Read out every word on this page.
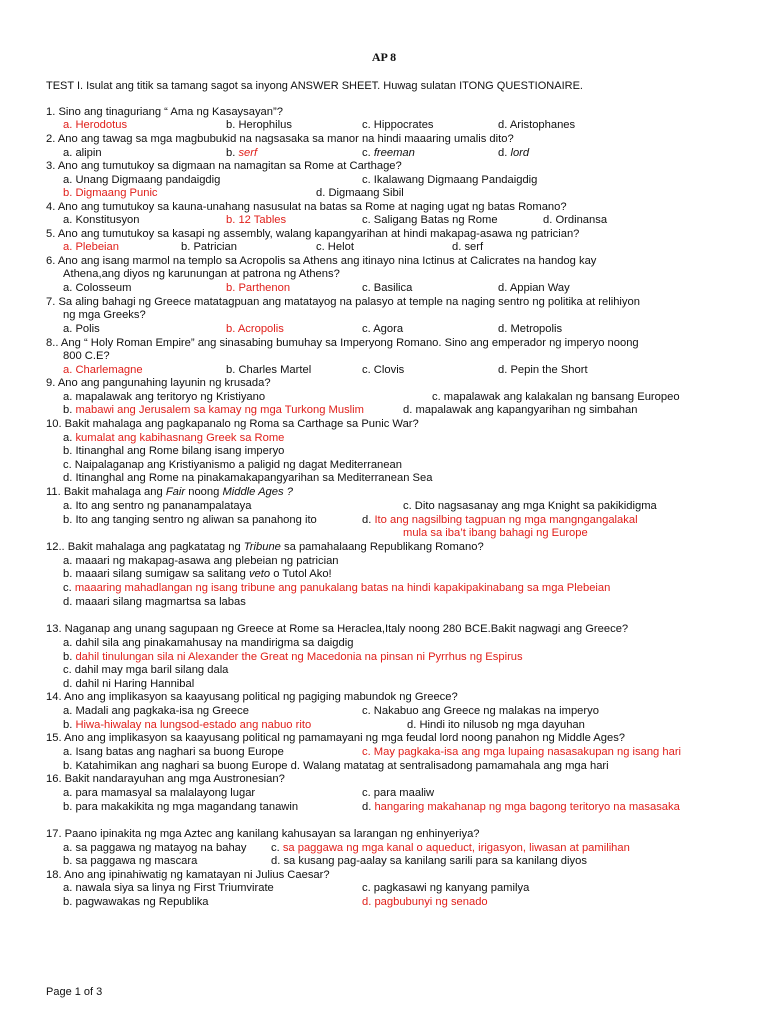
AP 8
TEST I. Isulat ang titik sa tamang sagot sa inyong ANSWER SHEET. Huwag sulatan ITONG QUESTIONAIRE.
1. Sino ang tinaguriang “ Ama ng Kasaysayan”?
a. Herodotus	b. Herophilus	c. Hippocrates	d. Aristophanes
2. Ano ang tawag sa mga magbubukid na nagsasaka sa manor na hindi maaaring umalis dito?
a. alipin	b. serf	c. freeman	d. lord
3. Ano ang tumutukoy sa digmaan na namagitan sa Rome at Carthage?
a. Unang Digmaang pandaigdig	c. Ikalawang Digmaang Pandaigdig
b. Digmaang Punic	d. Digmaang Sibil
4. Ano ang tumutukoy sa kauna-unahang nasusulat na batas sa Rome at naging ugat ng batas Romano?
a. Konstitusyon	b. 12 Tables	c. Saligang Batas ng Rome	d. Ordinansa
5. Ano ang tumutukoy sa kasapi ng assembly, walang kapangyarihan at hindi makapag-asawa ng patrician?
a. Plebeian	b. Patrician	c. Helot	d. serf
6. Ano ang isang marmol na templo sa Acropolis sa Athens ang itinayo nina Ictinus at Calicrates na handog kay
Athena,ang diyos ng karunungan at patrona ng Athens?
a. Colosseum	b. Parthenon	c. Basilica	d. Appian Way
7. Sa aling bahagi ng Greece matatagpuan ang matatayog na palasyo at temple na naging sentro ng politika at relihiyon
ng mga Greeks?
a. Polis	b. Acropolis	c. Agora	d. Metropolis
8.. Ang “ Holy Roman Empire” ang sinasabing bumuhay sa Imperyong Romano. Sino ang emperador ng imperyo noong
800 C.E?
a. Charlemagne	b. Charles Martel	c. Clovis	d. Pepin the Short
9. Ano ang pangunahing layunin ng krusada?
a. mapalawak ang teritoryo ng Kristiyano	c. mapalawak ang kalakalan ng bansang Europeo
b. mabawi ang Jerusalem sa kamay ng mga Turkong Muslim	d. mapalawak ang kapangyarihan ng simbahan
10. Bakit mahalaga ang pagkapanalo ng Roma sa Carthage sa Punic War?
a. kumalat ang kabihasnang Greek sa Rome
b. Itinanghal ang Rome bilang isang imperyo
c. Naipalaganap ang Kristiyanismo a paligid ng dagat Mediterranean
d. Itinanghal ang Rome na pinakamakapangyarihan sa Mediterranean Sea
11. Bakit mahalaga ang Fair noong Middle Ages ?
a. Ito ang sentro ng pananampalataya	c. Dito nagsasanay ang mga Knight sa pakikidigma
b. Ito ang tanging sentro ng aliwan sa panahong ito	d. Ito ang nagsilbing tagpuan ng mga mangngangalakal
mula sa iba’t ibang bahagi ng Europe
12.. Bakit mahalaga ang pagkatatag ng Tribune sa pamahalaang Republikang Romano?
a. maaari ng makapag-asawa ang plebeian ng patrician
b. maaari silang sumigaw sa salitang veto o Tutol Ako!
c. maaaring mahadlangan ng isang tribune ang panukalang batas na hindi kapakipakinabang sa mga Plebeian
d. maaari silang magmartsa sa labas
13. Naganap ang unang sagupaan ng Greece at Rome sa Heraclea,Italy noong 280 BCE.Bakit nagwagi ang Greece?
a. dahil sila ang pinakamahusay na mandirigma sa daigdig
b. dahil tinulungan sila ni Alexander the Great ng Macedonia na pinsan ni Pyrrhus ng Espirus
c. dahil may mga baril silang dala
d. dahil ni Haring Hannibal
14. Ano ang implikasyon sa kaayusang political ng pagiging mabundok ng Greece?
a. Madali ang pagkaka-isa ng Greece	c. Nakabuo ang Greece ng malakas na imperyo
b. Hiwa-hiwalay na lungsod-estado ang nabuo rito	d. Hindi ito nilusob ng mga dayuhan
15. Ano ang implikasyon sa kaayusang political ng pamamayani ng mga feudal lord noong panahon ng Middle Ages?
a. Isang batas ang naghari sa buong Europe	c. May pagkaka-isa ang mga lupaing nasasakupan ng isang hari
b. Katahimikan ang naghari sa buong Europe d. Walang matatag at sentralisadong pamamahala ang mga hari
16. Bakit nandarayuhan ang mga Austronesian?
a. para mamasyal sa malalayong lugar	c. para maaliw
b. para makakikita ng mga magandang tanawin	d. hangaring makahanap ng mga bagong teritoryo na masasaka
17. Paano ipinakita ng mga Aztec ang kanilang kahusayan sa larangan ng enhinyeriya?
a. sa paggawa ng matayog na bahay c. sa paggawa ng mga kanal o aqueduct, irigasyon, liwasan at pamilihan
b. sa paggawa ng mascara	d. sa kusang pag-aalay sa kanilang sarili para sa kanilang diyos
18. Ano ang ipinahiwatig ng kamatayan ni Julius Caesar?
a. nawala siya sa linya ng First Triumvirate	c. pagkasawi ng kanyang pamilya
b. pagwawakas ng Republika	d. pagbubunyi ng senado
Page 1 of 3
